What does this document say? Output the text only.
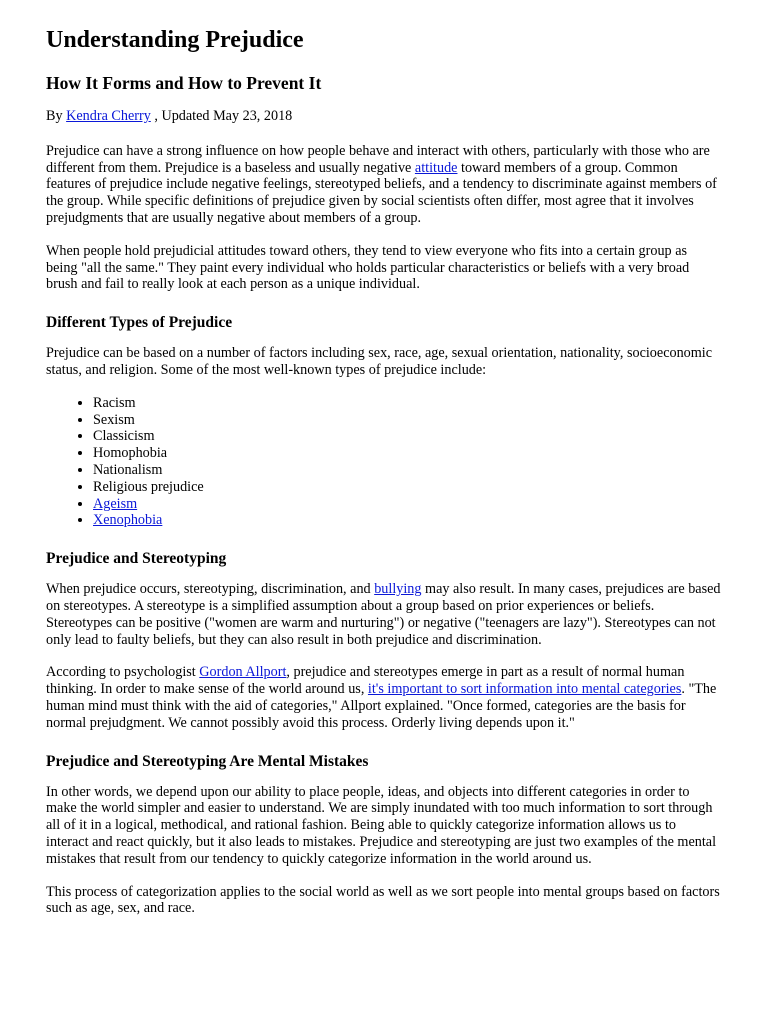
Understanding Prejudice
How It Forms and How to Prevent It

By Kendra Cherry , Updated May 23, 2018

Prejudice can have a strong influence on how people behave and interact with others, particularly with those who are different from them. Prejudice is a baseless and usually negative attitude toward members of a group. Common features of prejudice include negative feelings, stereotyped beliefs, and a tendency to discriminate against members of the group. While specific definitions of prejudice given by social scientists often differ, most agree that it involves prejudgments that are usually negative about members of a group.

When people hold prejudicial attitudes toward others, they tend to view everyone who fits into a certain group as being "all the same." They paint every individual who holds particular characteristics or beliefs with a very broad brush and fail to really look at each person as a unique individual.

Different Types of Prejudice

Prejudice can be based on a number of factors including sex, race, age, sexual orientation, nationality, socioeconomic status, and religion. Some of the most well-known types of prejudice include:

• Racism
• Sexism
• Classicism
• Homophobia
• Nationalism
• Religious prejudice
• Ageism
• Xenophobia
Prejudice and Stereotyping

When prejudice occurs, stereotyping, discrimination, and bullying may also result. In many cases, prejudices are based on stereotypes. A stereotype is a simplified assumption about a group based on prior experiences or beliefs. Stereotypes can be positive ("women are warm and nurturing") or negative ("teenagers are lazy"). Stereotypes can not only lead to faulty beliefs, but they can also result in both prejudice and discrimination.

According to psychologist Gordon Allport, prejudice and stereotypes emerge in part as a result of normal human thinking. In order to make sense of the world around us, it's important to sort information into mental categories. "The human mind must think with the aid of categories," Allport explained. "Once formed, categories are the basis for normal prejudgment. We cannot possibly avoid this process. Orderly living depends upon it."

Prejudice and Stereotyping Are Mental Mistakes

In other words, we depend upon our ability to place people, ideas, and objects into different categories in order to make the world simpler and easier to understand. We are simply inundated with too much information to sort through all of it in a logical, methodical, and rational fashion. Being able to quickly categorize information allows us to interact and react quickly, but it also leads to mistakes. Prejudice and stereotyping are just two examples of the mental mistakes that result from our tendency to quickly categorize information in the world around us.

This process of categorization applies to the social world as well as we sort people into mental groups based on factors such as age, sex, and race.
